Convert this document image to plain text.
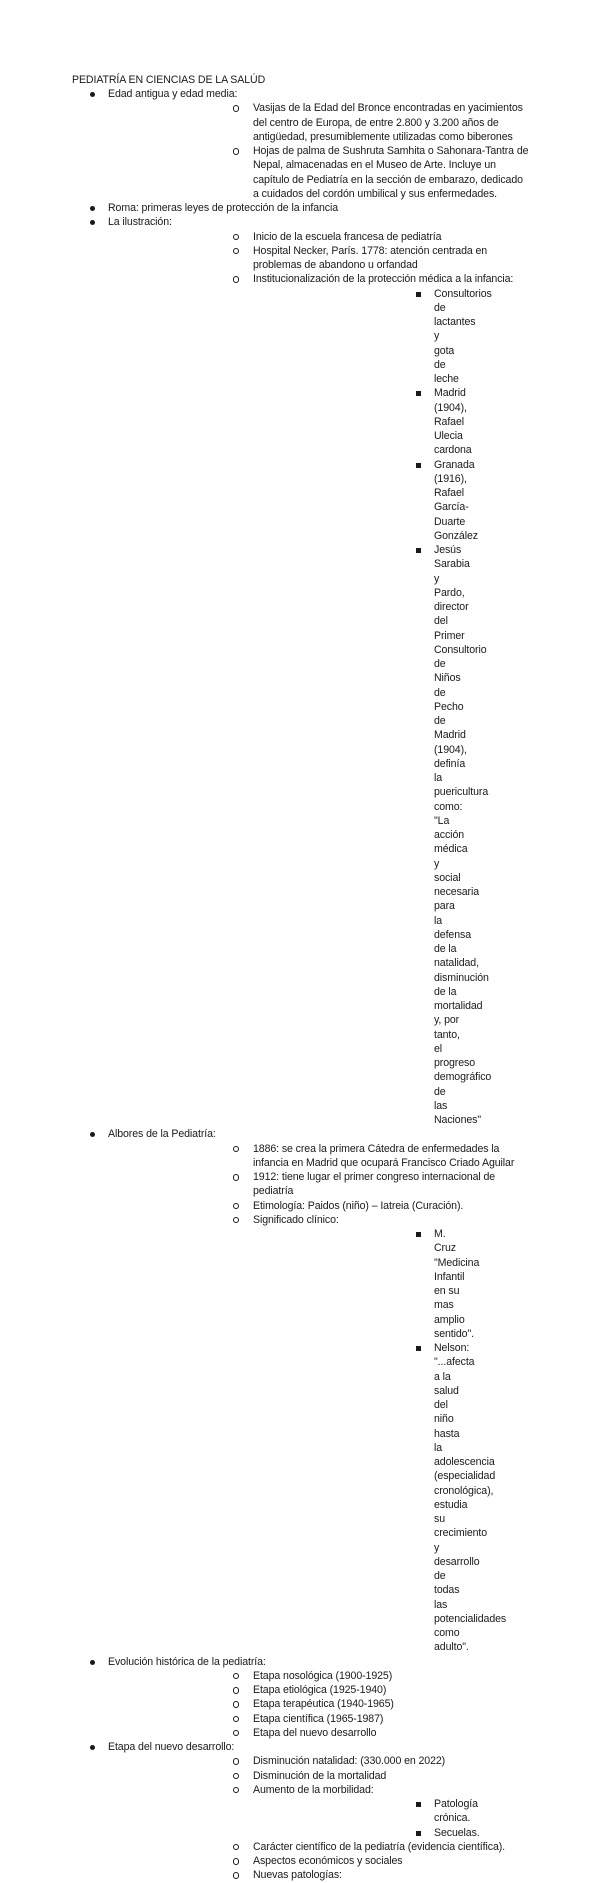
PEDIATRÍA EN CIENCIAS DE LA SALÚD
Edad antigua y edad media:
Vasijas de la Edad del Bronce encontradas en yacimientos del centro de Europa, de entre 2.800 y 3.200 años de antigüedad, presumiblemente utilizadas como biberones
Hojas de palma de Sushruta Samhita o Sahonara-Tantra de Nepal, almacenadas en el Museo de Arte. Incluye un capítulo de Pediatría en la sección de embarazo, dedicado a cuidados del cordón umbilical y sus enfermedades.
Roma: primeras leyes de protección de la infancia
La ilustración:
Inicio de la escuela francesa de pediatría
Hospital Necker, París. 1778: atención centrada en problemas de abandono u orfandad
Institucionalización de la protección médica a la infancia:
Consultorios de lactantes y gota de leche
Madrid (1904), Rafael Ulecia cardona
Granada (1916), Rafael García-Duarte González
Jesús Sarabia y Pardo, director del Primer Consultorio de Niños de Pecho de Madrid (1904), definía la puericultura como: "La acción médica y social necesaria para la defensa de la natalidad, disminución de la mortalidad y, por tanto, el progreso demográfico de las Naciones"
Albores de la Pediatría:
1886: se crea la primera Cátedra de enfermedades la infancia en Madrid que ocupará Francisco Criado Aguilar
1912: tiene lugar el primer congreso internacional de pediatría
Etimología: Paidos (niño) – Iatreia (Curación).
Significado clínico:
M. Cruz "Medicina Infantil en su mas amplio sentido".
Nelson: "...afecta a la salud del niño hasta la adolescencia (especialidad cronológica), estudia su crecimiento y desarrollo de todas las potencialidades como adulto".
Evolución histórica de la pediatría:
Etapa nosológica (1900-1925)
Etapa etiológica (1925-1940)
Etapa terapéutica (1940-1965)
Etapa científica (1965-1987)
Etapa del nuevo desarrollo
Etapa del nuevo desarrollo:
Disminución natalidad: (330.000 en 2022)
Disminución de la mortalidad
Aumento de la morbilidad:
Patología crónica.
Secuelas.
Carácter científico de la pediatría (evidencia científica).
Aspectos económicos y sociales
Nuevas patologías:
